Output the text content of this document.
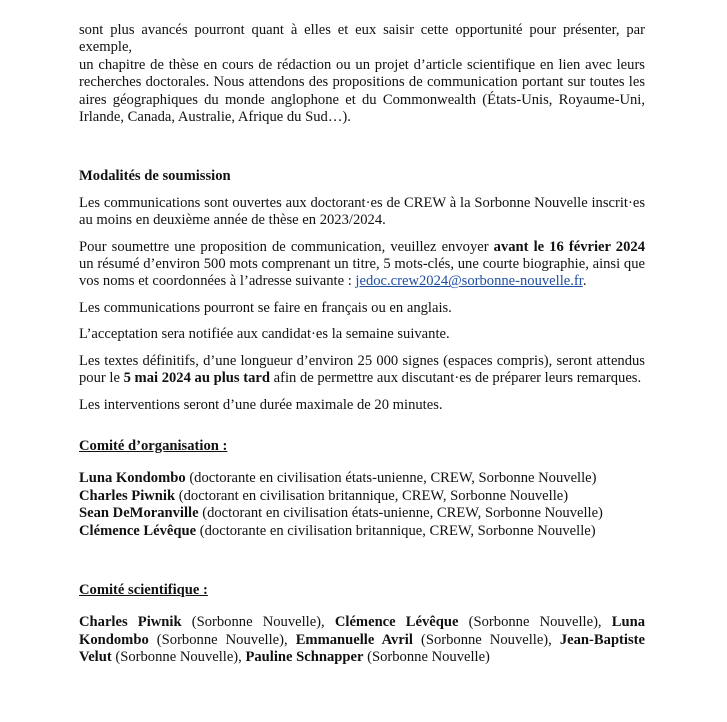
sont plus avancés pourront quant à elles et eux saisir cette opportunité pour présenter, par exemple,
un chapitre de thèse en cours de rédaction ou un projet d’article scientifique en lien avec leurs
recherches doctorales. Nous attendons des propositions de communication portant sur toutes les
aires géographiques du monde anglophone et du Commonwealth (États-Unis, Royaume-Uni,
Irlande, Canada, Australie, Afrique du Sud…).

Modalités de soumission

Les communications sont ouvertes aux doctorant·es de CREW à la Sorbonne Nouvelle inscrit·es au moins en deuxième année de thèse en 2023/2024.

Pour soumettre une proposition de communication, veuillez envoyer avant le 16 février 2024 un résumé d’environ 500 mots comprenant un titre, 5 mots-clés, une courte biographie, ainsi que vos noms et coordonnées à l’adresse suivante : jedoc.crew2024@sorbonne-nouvelle.fr.

Les communications pourront se faire en français ou en anglais.

L’acceptation sera notifiée aux candidat·es la semaine suivante.

Les textes définitifs, d’une longueur d’environ 25 000 signes (espaces compris), seront attendus pour le 5 mai 2024 au plus tard afin de permettre aux discutant·es de préparer leurs remarques.

Les interventions seront d’une durée maximale de 20 minutes.

Comité d’organisation :

Luna Kondombo (doctorante en civilisation états-unienne, CREW, Sorbonne Nouvelle)

Charles Piwnik (doctorant en civilisation britannique, CREW, Sorbonne Nouvelle)

Sean DeMoranville (doctorant en civilisation états-unienne, CREW, Sorbonne Nouvelle)

Clémence Lévêque (doctorante en civilisation britannique, CREW, Sorbonne Nouvelle)

Comité scientifique :

Charles Piwnik (Sorbonne Nouvelle), Clémence Lévêque (Sorbonne Nouvelle), Luna Kondombo (Sorbonne Nouvelle), Emmanuelle Avril (Sorbonne Nouvelle), Jean-Baptiste Velut (Sorbonne Nouvelle), Pauline Schnapper (Sorbonne Nouvelle)
